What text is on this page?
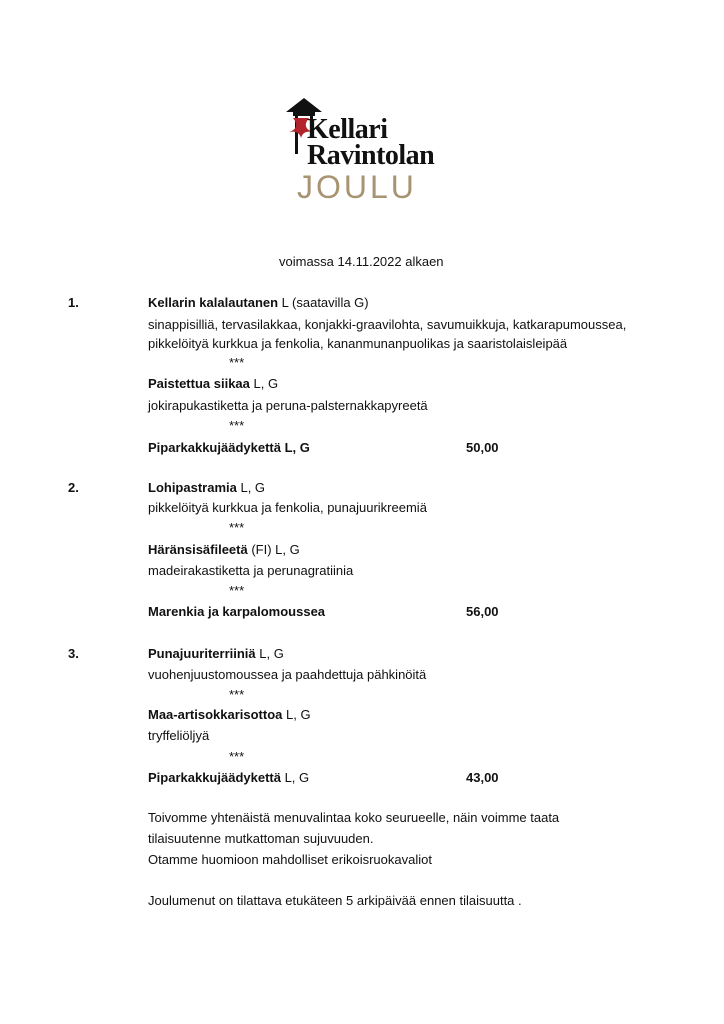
Kellari
Ravintolan
JOULU
voimassa 14.11.2022 alkaen
1.	Kellarin kalalautanen L (saatavilla G)
sinappisilliä, tervasilakkaa, konjakki-graavilohta, savumuikkuja, katkarapumoussea,
pikkelöityä kurkkua ja fenkolia, kananmunanpuolikas ja saaristolaisleipää
***
Paistettua siikaa L, G
jokirapukastiketta ja peruna-palsternakkapyreetä
***
Piparkakkujäädykettä L, G	50,00
2.	Lohipastramia L, G
pikkelöityä kurkkua ja fenkolia, punajuurikreemiä
***
Häränsisäfileetä (FI) L, G
madeirakastiketta ja perunagratiinia
***
Marenkia ja karpalomoussea	56,00
3.	Punajuuriterriiniä L, G
vuohenjuustomoussea ja paahdettuja pähkinöitä
***
Maa-artisokkarisottoa L, G
tryffeliöljyä
***
Piparkakkujäädykettä L, G	43,00
Toivomme yhtenäistä menuvalintaa koko seurueelle, näin voimme taata
tilaisuutenne mutkattoman sujuvuuden.
Otamme huomioon mahdolliset erikoisruokavaliot
Joulumenut on tilattava etukäteen 5 arkipäivää ennen tilaisuutta .
